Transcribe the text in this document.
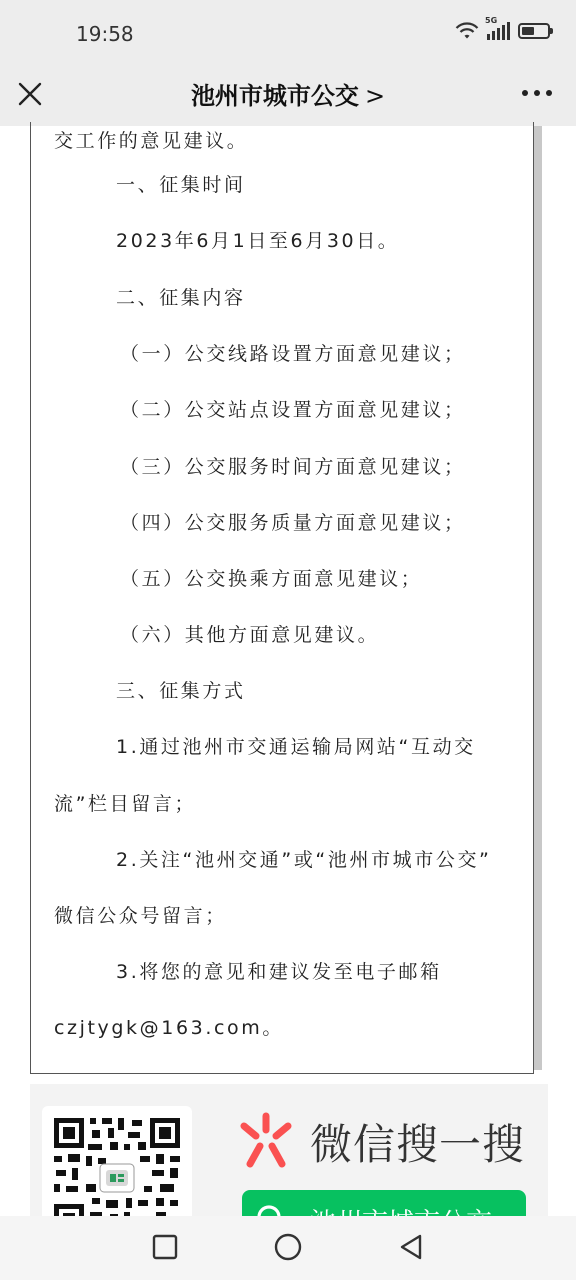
19:58
5G
池州市城市公交 >
交工作的意见建议。
一、征集时间
2023年6月1日至6月30日。
二、征集内容
（一）公交线路设置方面意见建议；
（二）公交站点设置方面意见建议；
（三）公交服务时间方面意见建议；
（四）公交服务质量方面意见建议；
（五）公交换乘方面意见建议；
（六）其他方面意见建议。
三、征集方式
1.通过池州市交通运输局网站“互动交
流”栏目留言；
2.关注“池州交通”或“池州市城市公交”
微信公众号留言；
3.将您的意见和建议发至电子邮箱
czjtygk@163.com。
微信搜一搜
